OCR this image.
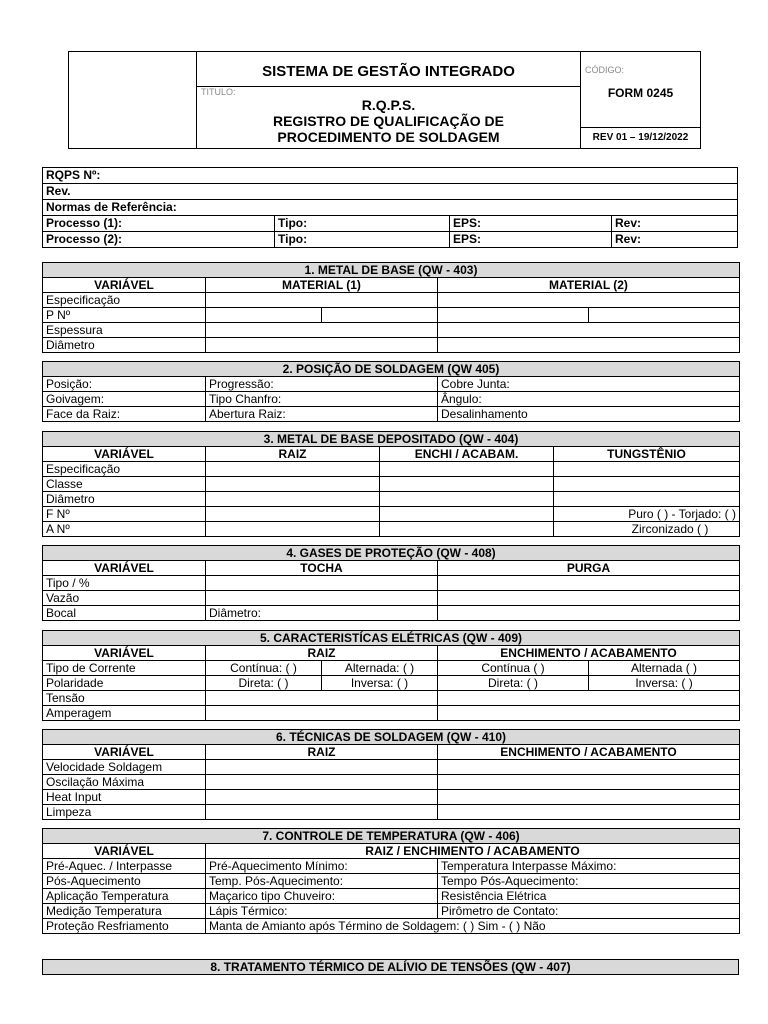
SISTEMA DE GESTÃO INTEGRADO
TITULO:
R.Q.P.S.
REGISTRO DE QUALIFICAÇÃO DE
PROCEDIMENTO DE SOLDAGEM

CÓDIGO:
FORM 0245

REV 01 – 19/12/2022
RQPS Nº:			
Rev.			
Normas de Referência:			
Processo (1):	Tipo:	EPS:	Rev:
Processo (2):	Tipo:	EPS:	Rev:
1. METAL DE BASE (QW - 403)				
VARIÁVEL	MATERIAL (1)		MATERIAL (2)	
Especificação				
P Nº				
Espessura				
Diâmetro				
2. POSIÇÃO DE SOLDAGEM (QW 405)		
Posição:	Progressão:	Cobre Junta:
Goivagem:	Tipo Chanfro:	Ângulo:
Face da Raiz:	Abertura Raiz:	Desalinhamento
3. METAL DE BASE DEPOSITADO (QW - 404)			
VARIÁVEL	RAIZ	ENCHI / ACABAM.	TUNGSTÊNIO
Especificação			
Classe			
Diâmetro			
F Nº			Puro ( ) - Torjado: ( )
A Nº			Zirconizado ( )
4. GASES DE PROTEÇÃO (QW - 408)		
VARIÁVEL	TOCHA	PURGA
Tipo / %		
Vazão		
Bocal	Diâmetro:	
5. CARACTERISTÍCAS ELÉTRICAS (QW - 409)				
VARIÁVEL	RAIZ		ENCHIMENTO / ACABAMENTO	
Tipo de Corrente	Contínua: ( )	Alternada: ( )	Contínua ( )	Alternada ( )
Polaridade	Direta: ( )	Inversa: ( )	Direta: ( )	Inversa: ( )
Tensão				
Amperagem				
6. TÉCNICAS DE SOLDAGEM (QW - 410)		
VARIÁVEL	RAIZ	ENCHIMENTO / ACABAMENTO
Velocidade Soldagem		
Oscilação Máxima		
Heat Input		
Limpeza		
7. CONTROLE DE TEMPERATURA (QW - 406)		
VARIÁVEL	RAIZ / ENCHIMENTO / ACABAMENTO	
Pré-Aquec. / Interpasse	Pré-Aquecimento Mínimo:	Temperatura Interpasse Máximo:
Pós-Aquecimento	Temp. Pós-Aquecimento:	Tempo Pós-Aquecimento:
Aplicação Temperatura	Maçarico tipo Chuveiro:	Resistência Elétrica
Medição Temperatura	Lápis Térmico:	Pirômetro de Contato:
Proteção Resfriamento	Manta de Amianto após Término de Soldagem: ( ) Sim - ( ) Não	
8. TRATAMENTO TÉRMICO DE ALÍVIO DE TENSÕES (QW - 407)
